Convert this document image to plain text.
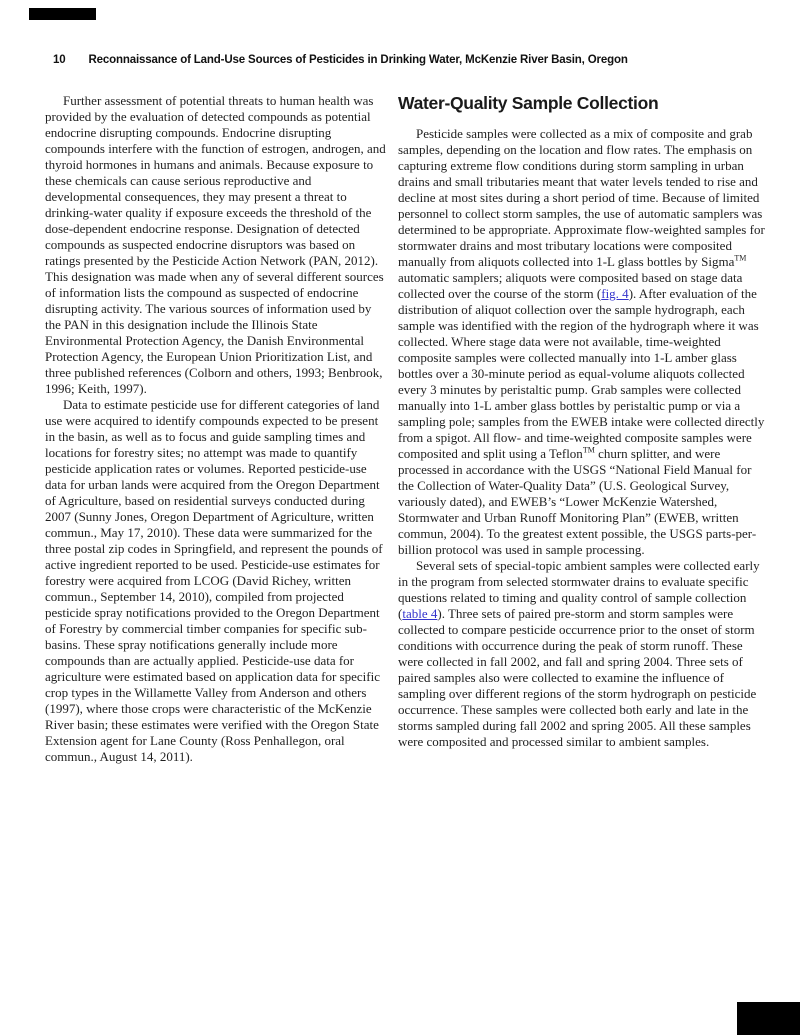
10 Reconnaissance of Land-Use Sources of Pesticides in Drinking Water, McKenzie River Basin, Oregon

Further assessment of potential threats to human health was provided by the evaluation of detected compounds as potential endocrine disrupting compounds. Endocrine disrupting compounds interfere with the function of estrogen, androgen, and thyroid hormones in humans and animals. Because exposure to these chemicals can cause serious reproductive and developmental consequences, they may present a threat to drinking-water quality if exposure exceeds the threshold of the dose-dependent endocrine response. Designation of detected compounds as suspected endocrine disruptors was based on ratings presented by the Pesticide Action Network (PAN, 2012). This designation was made when any of several different sources of information lists the compound as suspected of endocrine disrupting activity. The various sources of information used by the PAN in this designation include the Illinois State Environmental Protection Agency, the Danish Environmental Protection Agency, the European Union Prioritization List, and three published references (Colborn and others, 1993; Benbrook, 1996; Keith, 1997).

Data to estimate pesticide use for different categories of land use were acquired to identify compounds expected to be present in the basin, as well as to focus and guide sampling times and locations for forestry sites; no attempt was made to quantify pesticide application rates or volumes. Reported pesticide-use data for urban lands were acquired from the Oregon Department of Agriculture, based on residential surveys conducted during 2007 (Sunny Jones, Oregon Department of Agriculture, written commun., May 17, 2010). These data were summarized for the three postal zip codes in Springfield, and represent the pounds of active ingredient reported to be used. Pesticide-use estimates for forestry were acquired from LCOG (David Richey, written commun., September 14, 2010), compiled from projected pesticide spray notifications provided to the Oregon Department of Forestry by commercial timber companies for specific sub-basins. These spray notifications generally include more compounds than are actually applied. Pesticide-use data for agriculture were estimated based on application data for specific crop types in the Willamette Valley from Anderson and others (1997), where those crops were characteristic of the McKenzie River basin; these estimates were verified with the Oregon State Extension agent for Lane County (Ross Penhallegon, oral commun., August 14, 2011).

Water-Quality Sample Collection

Pesticide samples were collected as a mix of composite and grab samples, depending on the location and flow rates. The emphasis on capturing extreme flow conditions during storm sampling in urban drains and small tributaries meant that water levels tended to rise and decline at most sites during a short period of time. Because of limited personnel to collect storm samples, the use of automatic samplers was determined to be appropriate. Approximate flow-weighted samples for stormwater drains and most tributary locations were composited manually from aliquots collected into 1-L glass bottles by Sigma™ automatic samplers; aliquots were composited based on stage data collected over the course of the storm (fig. 4). After evaluation of the distribution of aliquot collection over the sample hydrograph, each sample was identified with the region of the hydrograph where it was collected. Where stage data were not available, time-weighted composite samples were collected manually into 1-L amber glass bottles over a 30-minute period as equal-volume aliquots collected every 3 minutes by peristaltic pump. Grab samples were collected manually into 1-L amber glass bottles by peristaltic pump or via a sampling pole; samples from the EWEB intake were collected directly from a spigot. All flow- and time-weighted composite samples were composited and split using a Teflon™ churn splitter, and were processed in accordance with the USGS “National Field Manual for the Collection of Water-Quality Data” (U.S. Geological Survey, variously dated), and EWEB’s “Lower McKenzie Watershed, Stormwater and Urban Runoff Monitoring Plan” (EWEB, written commun, 2004). To the greatest extent possible, the USGS parts-per-billion protocol was used in sample processing.

Several sets of special-topic ambient samples were collected early in the program from selected stormwater drains to evaluate specific questions related to timing and quality control of sample collection (table 4). Three sets of paired pre-storm and storm samples were collected to compare pesticide occurrence prior to the onset of storm conditions with occurrence during the peak of storm runoff. These were collected in fall 2002, and fall and spring 2004. Three sets of paired samples also were collected to examine the influence of sampling over different regions of the storm hydrograph on pesticide occurrence. These samples were collected both early and late in the storms sampled during fall 2002 and spring 2005. All these samples were composited and processed similar to ambient samples.
